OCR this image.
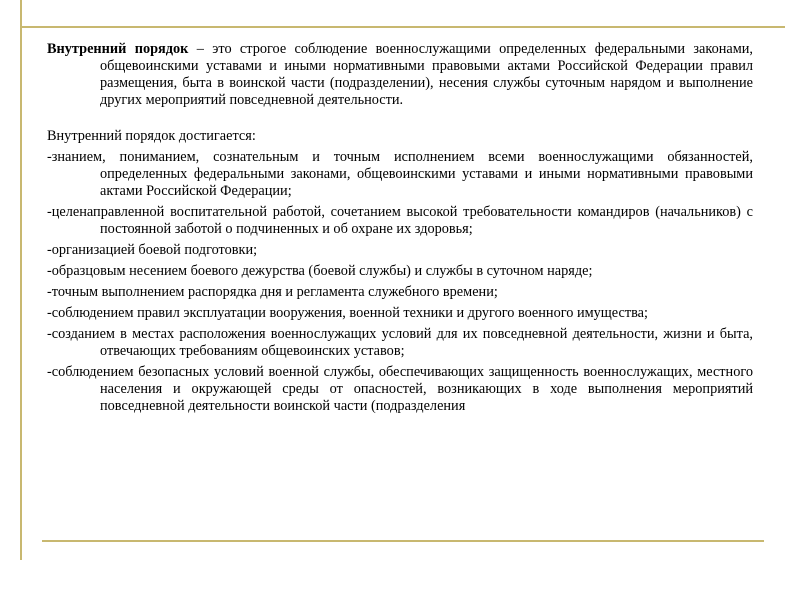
Внутренний порядок – это строгое соблюдение военнослужащими определенных федеральными законами, общевоинскими уставами и иными нормативными правовыми актами Российской Федерации правил размещения, быта в воинской части (подразделении), несения службы суточным нарядом и выполнение других мероприятий повседневной деятельности.

Внутренний порядок достигается:

-знанием, пониманием, сознательным и точным исполнением всеми военнослужащими обязанностей, определенных федеральными законами, общевоинскими уставами и иными нормативными правовыми актами Российской Федерации;

-целенаправленной воспитательной работой, сочетанием высокой требовательности командиров (начальников) с постоянной заботой о подчиненных и об охране их здоровья;

-организацией боевой подготовки;

-образцовым несением боевого дежурства (боевой службы) и службы в суточном наряде;

-точным выполнением распорядка дня и регламента служебного времени;

-соблюдением правил эксплуатации вооружения, военной техники и другого военного имущества;

-созданием в местах расположения военнослужащих условий для их повседневной деятельности, жизни и быта, отвечающих требованиям общевоинских уставов;

-соблюдением безопасных условий военной службы, обеспечивающих защищенность военнослужащих, местного населения и окружающей среды от опасностей, возникающих в ходе выполнения мероприятий повседневной деятельности воинской части (подразделения
